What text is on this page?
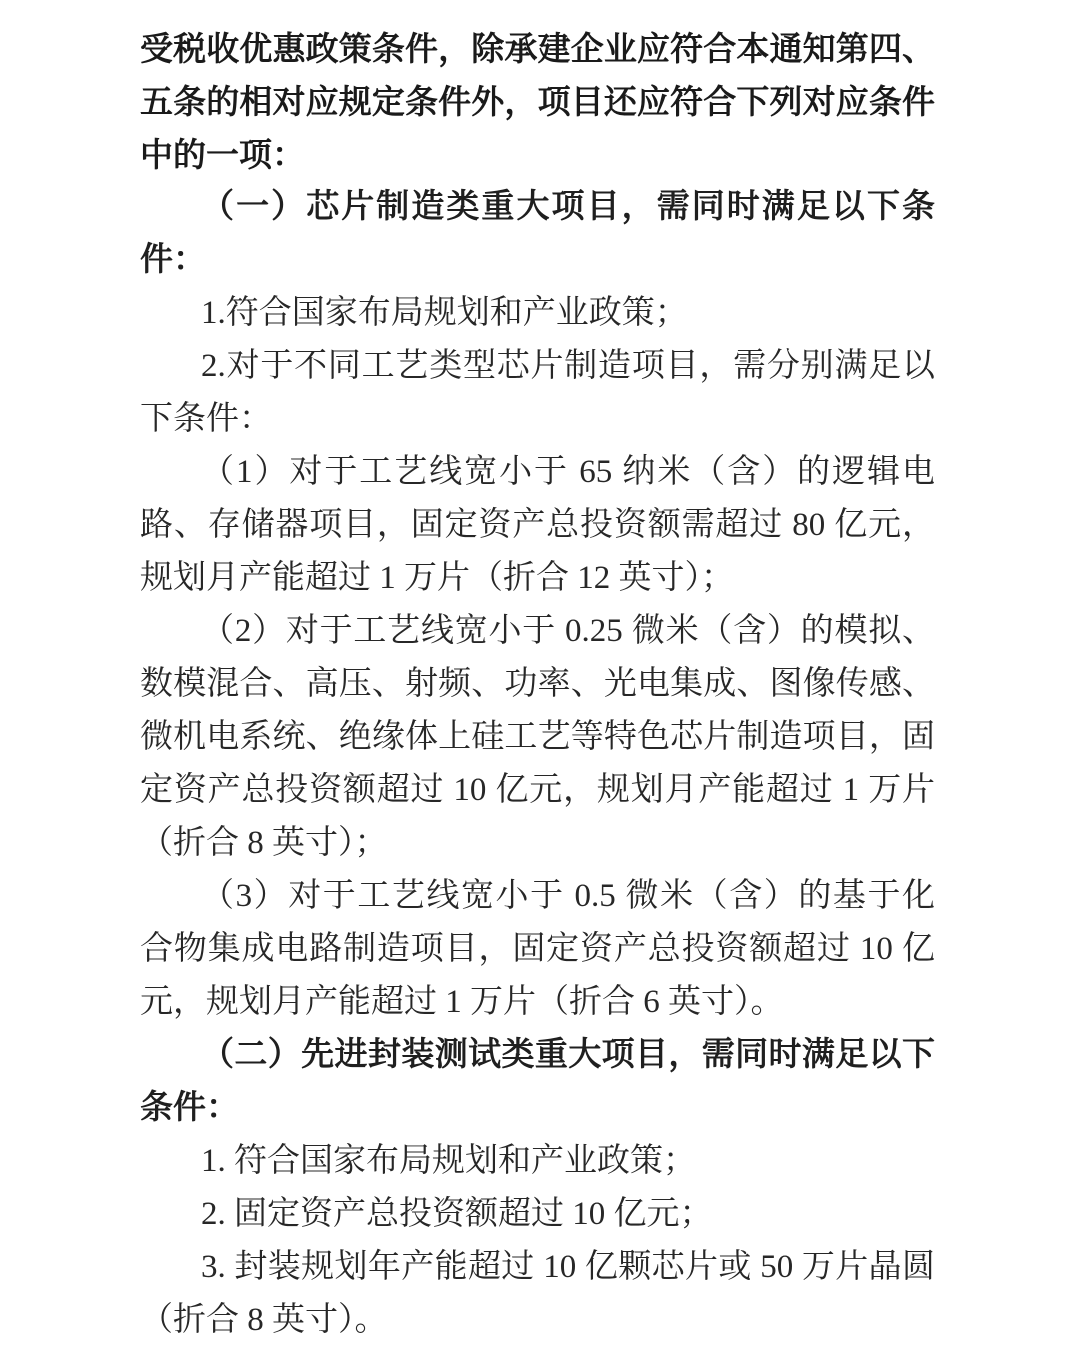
受税收优惠政策条件，除承建企业应符合本通知第四、五条的相对应规定条件外，项目还应符合下列对应条件中的一项：

（一）芯片制造类重大项目，需同时满足以下条件：

1.符合国家布局规划和产业政策；

2.对于不同工艺类型芯片制造项目，需分别满足以下条件：

（1）对于工艺线宽小于 65 纳米（含）的逻辑电路、存储器项目，固定资产总投资额需超过 80 亿元，规划月产能超过 1 万片（折合 12 英寸）；

（2）对于工艺线宽小于 0.25 微米（含）的模拟、数模混合、高压、射频、功率、光电集成、图像传感、微机电系统、绝缘体上硅工艺等特色芯片制造项目，固定资产总投资额超过 10 亿元，规划月产能超过 1 万片（折合 8 英寸）；

（3）对于工艺线宽小于 0.5 微米（含）的基于化合物集成电路制造项目，固定资产总投资额超过 10 亿元，规划月产能超过 1 万片（折合 6 英寸）。

（二）先进封装测试类重大项目，需同时满足以下条件：

1. 符合国家布局规划和产业政策；

2. 固定资产总投资额超过 10 亿元；

3. 封装规划年产能超过 10 亿颗芯片或 50 万片晶圆（折合 8 英寸）。
